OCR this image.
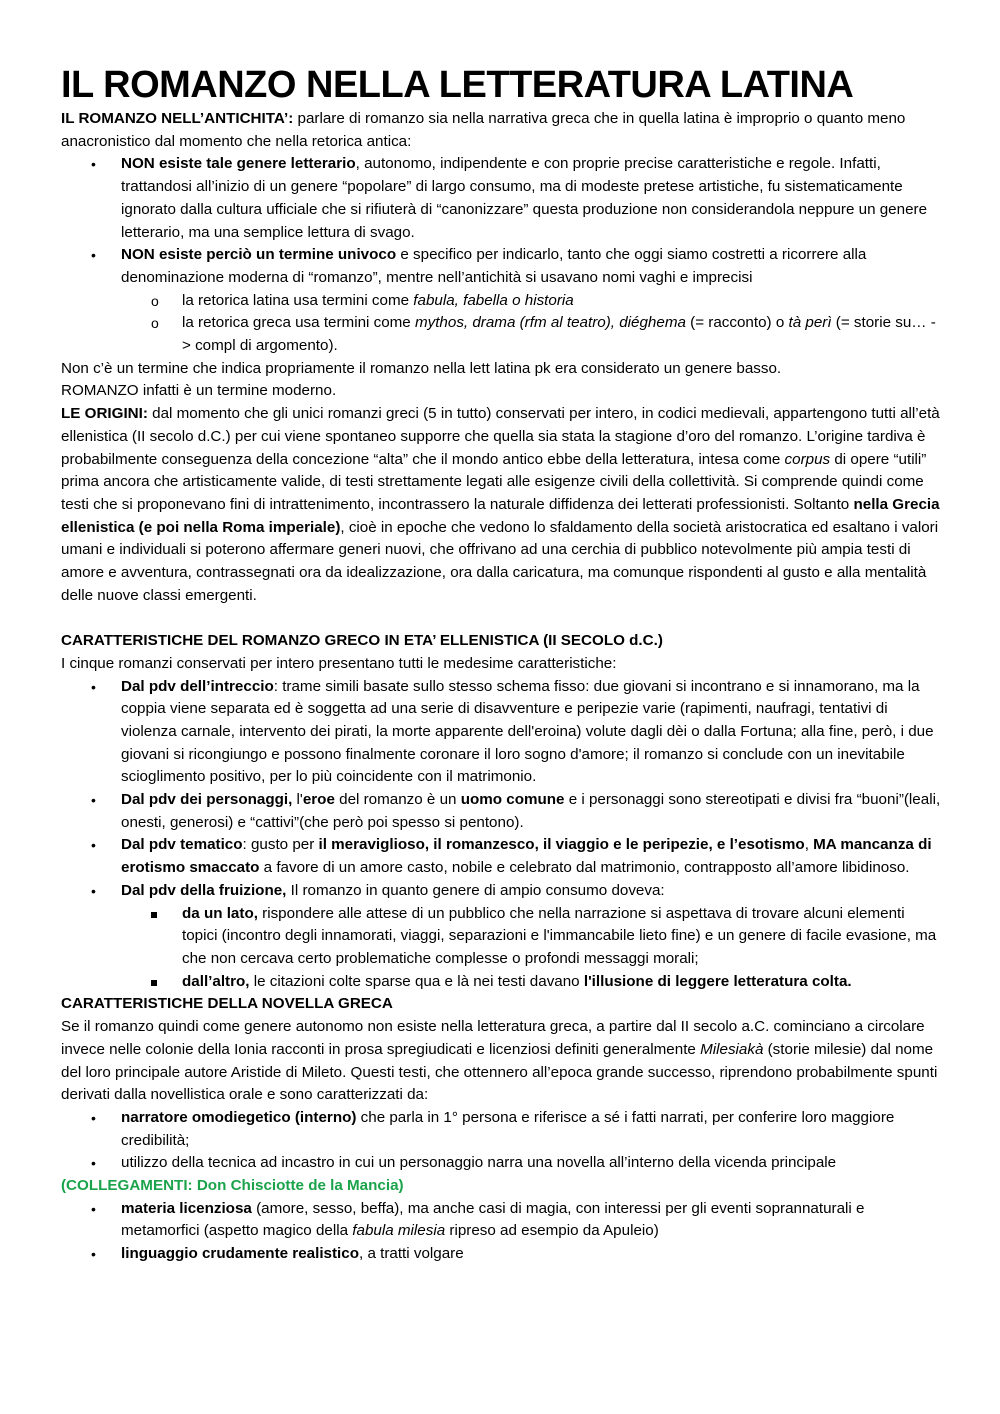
IL ROMANZO NELLA LETTERATURA LATINA

IL ROMANZO NELL’ANTICHITA’: parlare di romanzo sia nella narrativa greca che in quella latina è improprio o quanto meno anacronistico dal momento che nella retorica antica:

• NON esiste tale genere letterario, autonomo, indipendente e con proprie precise caratteristiche e regole. Infatti, trattandosi all’inizio di un genere “popolare” di largo consumo, ma di modeste pretese artistiche, fu sistematicamente ignorato dalla cultura ufficiale che si rifiuterà di “canonizzare” questa produzione non considerandola neppure un genere letterario, ma una semplice lettura di svago.
• NON esiste perciò un termine univoco e specifico per indicarlo, tanto che oggi siamo costretti a ricorrere alla denominazione moderna di “romanzo”, mentre nell’antichità si usavano nomi vaghi e imprecisi
o la retorica latina usa termini come fabula, fabella o historia
o la retorica greca usa termini come mythos, drama (rfm al teatro), diéghema (= racconto) o tà perì (= storie su… -> compl di argomento).

Non c’è un termine che indica propriamente il romanzo nella lett latina pk era considerato un genere basso.

ROMANZO infatti è un termine moderno.

LE ORIGINI: dal momento che gli unici romanzi greci (5 in tutto) conservati per intero, in codici medievali, appartengono tutti all’età ellenistica (II secolo d.C.) per cui viene spontaneo supporre che quella sia stata la stagione d’oro del romanzo. L’origine tardiva è probabilmente conseguenza della concezione “alta” che il mondo antico ebbe della letteratura, intesa come corpus di opere “utili” prima ancora che artisticamente valide, di testi strettamente legati alle esigenze civili della collettività. Si comprende quindi come testi che si proponevano fini di intrattenimento, incontrassero la naturale diffidenza dei letterati professionisti. Soltanto nella Grecia ellenistica (e poi nella Roma imperiale), cioè in epoche che vedono lo sfaldamento della società aristocratica ed esaltano i valori umani e individuali si poterono affermare generi nuovi, che offrivano ad una cerchia di pubblico notevolmente più ampia testi di amore e avventura, contrassegnati ora da idealizzazione, ora dalla caricatura, ma comunque rispondenti al gusto e alla mentalità delle nuove classi emergenti.

CARATTERISTICHE DEL ROMANZO GRECO IN ETA’ ELLENISTICA (II SECOLO d.C.)

I cinque romanzi conservati per intero presentano tutti le medesime caratteristiche:

• Dal pdv dell’intreccio: trame simili basate sullo stesso schema fisso: due giovani si incontrano e si innamorano, ma la coppia viene separata ed è soggetta ad una serie di disavventure e peripezie varie (rapimenti, naufragi, tentativi di violenza carnale, intervento dei pirati, la morte apparente dell'eroina) volute dagli dèi o dalla Fortuna; alla fine, però, i due giovani si ricongiungo e possono finalmente coronare il loro sogno d'amore; il romanzo si conclude con un inevitabile scioglimento positivo, per lo più coincidente con il matrimonio.
• Dal pdv dei personaggi, l'eroe del romanzo è un uomo comune e i personaggi sono stereotipati e divisi fra “buoni”(leali, onesti, generosi) e “cattivi”(che però poi spesso si pentono).
• Dal pdv tematico: gusto per il meraviglioso, il romanzesco, il viaggio e le peripezie, e l’esotismo, MA mancanza di erotismo smaccato a favore di un amore casto, nobile e celebrato dal matrimonio, contrapposto all’amore libidinoso.
• Dal pdv della fruizione, Il romanzo in quanto genere di ampio consumo doveva:
da un lato, rispondere alle attese di un pubblico che nella narrazione si aspettava di trovare alcuni elementi topici (incontro degli innamorati, viaggi, separazioni e l'immancabile lieto fine) e un genere di facile evasione, ma che non cercava certo problematiche complesse o profondi messaggi morali;
dall’altro, le citazioni colte sparse qua e là nei testi davano l'illusione di leggere letteratura colta.

CARATTERISTICHE DELLA NOVELLA GRECA

Se il romanzo quindi come genere autonomo non esiste nella letteratura greca, a partire dal II secolo a.C. cominciano a circolare invece nelle colonie della Ionia racconti in prosa spregiudicati e licenziosi definiti generalmente Milesiakà (storie milesie) dal nome del loro principale autore Aristide di Mileto. Questi testi, che ottennero all’epoca grande successo, riprendono probabilmente spunti derivati dalla novellistica orale e sono caratterizzati da:

• narratore omodiegetico (interno) che parla in 1° persona e riferisce a sé i fatti narrati, per conferire loro maggiore credibilità;
• utilizzo della tecnica ad incastro in cui un personaggio narra una novella all’interno della vicenda principale

(COLLEGAMENTI: Don Chisciotte de la Mancia)

• materia licenziosa (amore, sesso, beffa), ma anche casi di magia, con interessi per gli eventi soprannaturali e metamorfici (aspetto magico della fabula milesia ripreso ad esempio da Apuleio)
• linguaggio crudamente realistico, a tratti volgare
